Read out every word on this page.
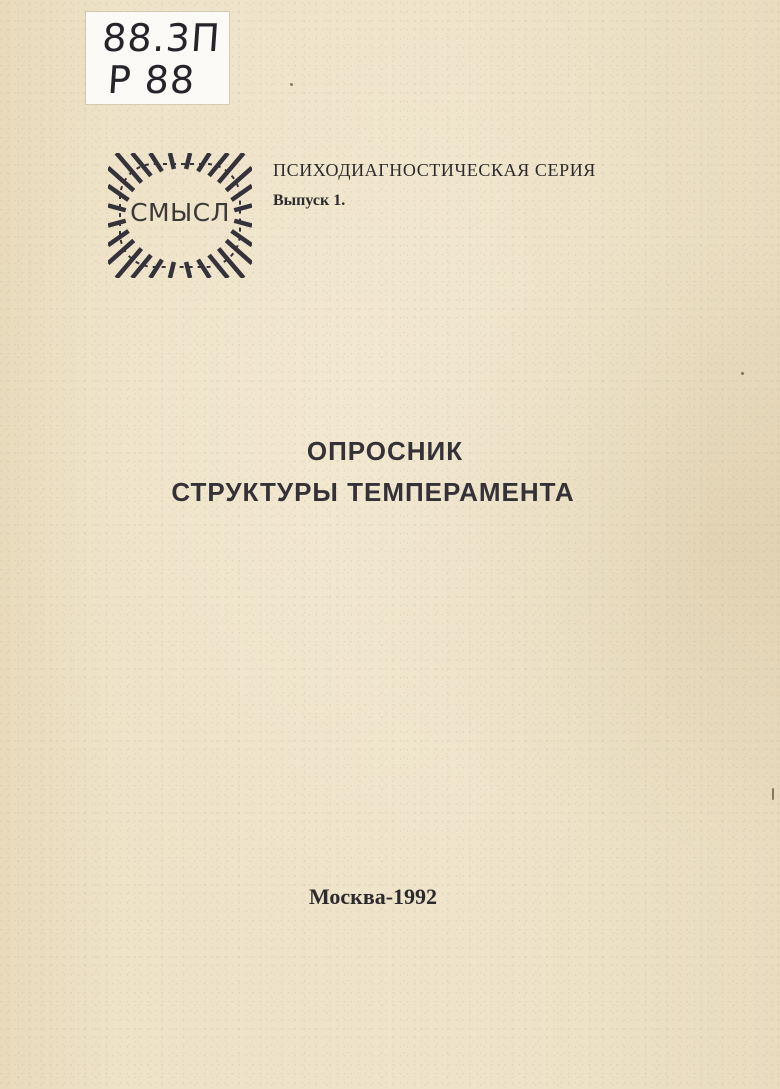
88.3П
Р 88
СМЫСЛ
ПСИХОДИАГНОСТИЧЕСКАЯ СЕРИЯ
Выпуск 1.
ОПРОСНИК
СТРУКТУРЫ ТЕМПЕРАМЕНТА
Москва-1992
